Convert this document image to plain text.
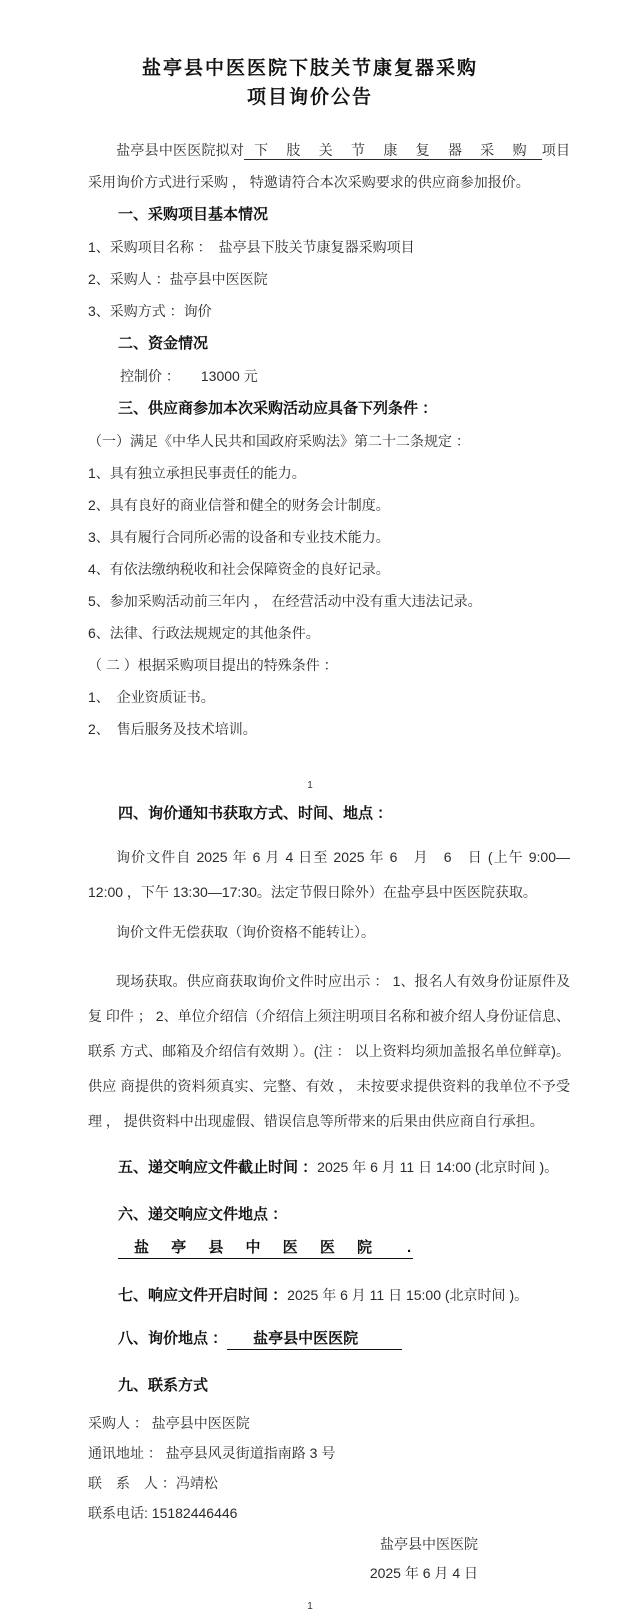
盐亭县中医医院下肢关节康复器采购
项目询价公告

盐亭县中医医院拟对 下 肢 关 节 康 复 器 采 购 项目采用询价方式进行采购 ， 特邀请符合本次采购要求的供应商参加报价。

一、采购项目基本情况
1、采购项目名称 ：　盐亭县下肢关节康复器采购项目
2、采购人 ：盐亭县中医医院
3、采购方式 ：询价
二、资金情况
控制价 ：　　13000 元
三、供应商参加本次采购活动应具备下列条件 ：
（一）满足《中华人民共和国政府采购法》第二十二条规定 ：
1、具有独立承担民事责任的能力。
2、具有良好的商业信誉和健全的财务会计制度。
3、具有履行合同所必需的设备和专业技术能力。
4、有依法缴纳税收和社会保障资金的良好记录。
5、参加采购活动前三年内 ， 在经营活动中没有重大违法记录。
6、法律、行政法规规定的其他条件。
（ 二 ）根据采购项目提出的特殊条件 ：
1、　企业资质证书。
2、　售后服务及技术培训。
1
四、询价通知书获取方式、时间、地点 ：

询价文件自 2025 年 6 月 4 日至 2025 年 6　月　6　日 (上午 9:00—12:00 ，下午 13:30—17:30。法定节假日除外）在盐亭县中医医院获取。

询价文件无偿获取（询价资格不能转让）。

现场获取。供应商获取询价文件时应出示 ： 1、报名人有效身份证原件及复 印件 ； 2、单位介绍信（介绍信上须注明项目名称和被介绍人身份证信息、联系 方式、邮箱及介绍信有效期 ）。(注 ： 以上资料均须加盖报名单位鲜章)。供应 商提供的资料须真实、完整、有效 ， 未按要求提供资料的我单位不予受理 ， 提供资料中出现虚假、错误信息等所带来的后果由供应商自行承担。

五、递交响应文件截止时间 ：2025 年 6 月 11 日 14:00 (北京时间 )。
六、递交响应文件地点 ：盐 亭 县 中 医 医 院 .
七、响应文件开启时间 ：2025 年 6 月 11 日 15:00 (北京时间 )。
八、询价地点 ： 盐亭县中医医院
九、联系方式
采购人 ： 盐亭县中医医院
通讯地址 ： 盐亭县风灵街道指南路 3 号
联　系　人 ：冯靖松
联系电话: 15182446446
盐亭县中医医院
2025 年 6 月 4 日
1
